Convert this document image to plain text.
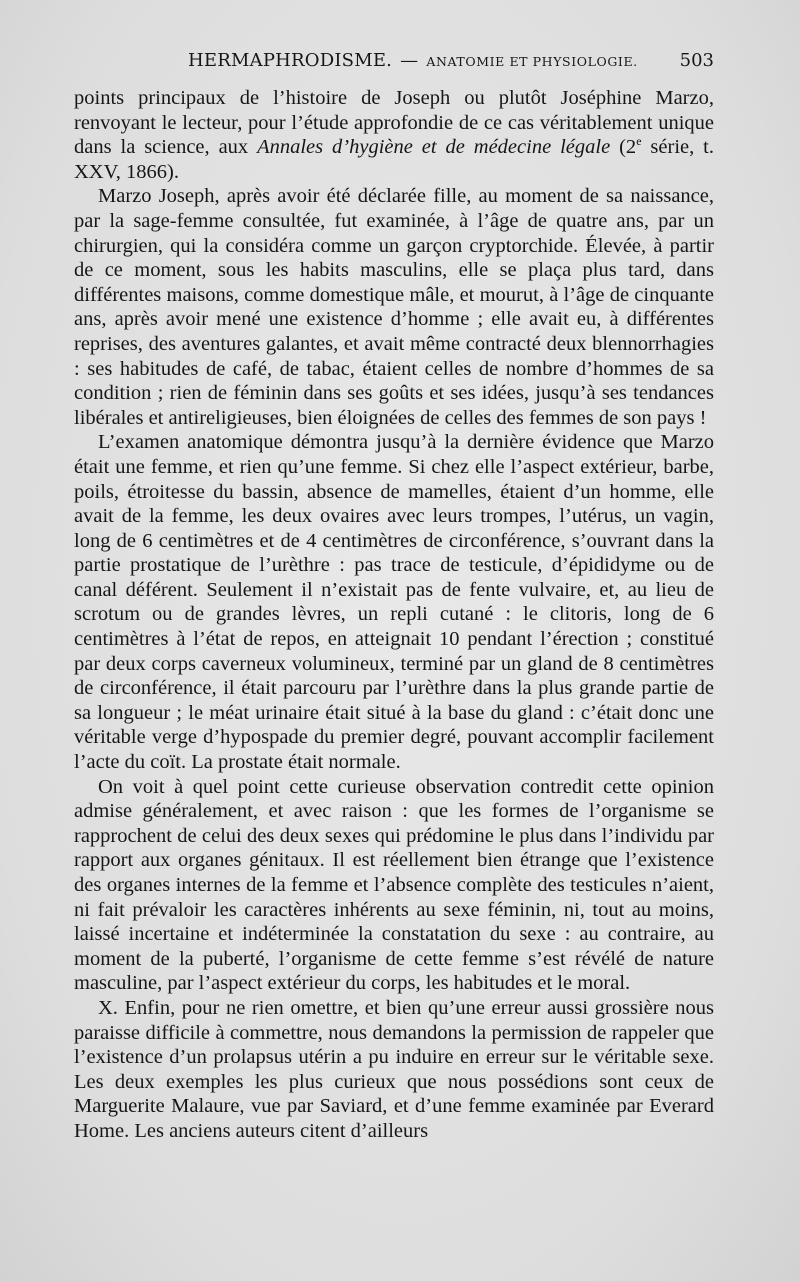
HERMAPHRODISME. — ANATOMIE ET PHYSIOLOGIE. 503

points principaux de l’histoire de Joseph ou plutôt Joséphine Marzo, renvoyant le lecteur, pour l’étude approfondie de ce cas véritablement unique dans la science, aux Annales d’hygiène et de médecine légale (2e série, t. XXV, 1866).

Marzo Joseph, après avoir été déclarée fille, au moment de sa naissance, par la sage-femme consultée, fut examinée, à l’âge de quatre ans, par un chirurgien, qui la considéra comme un garçon cryptorchide. Élevée, à partir de ce moment, sous les habits masculins, elle se plaça plus tard, dans différentes maisons, comme domestique mâle, et mourut, à l’âge de cinquante ans, après avoir mené une existence d’homme ; elle avait eu, à différentes reprises, des aventures galantes, et avait même contracté deux blennorrhagies : ses habitudes de café, de tabac, étaient celles de nombre d’hommes de sa condition ; rien de féminin dans ses goûts et ses idées, jusqu’à ses tendances libérales et antireligieuses, bien éloignées de celles des femmes de son pays !

L’examen anatomique démontra jusqu’à la dernière évidence que Marzo était une femme, et rien qu’une femme. Si chez elle l’aspect extérieur, barbe, poils, étroitesse du bassin, absence de mamelles, étaient d’un homme, elle avait de la femme, les deux ovaires avec leurs trompes, l’utérus, un vagin, long de 6 centimètres et de 4 centimètres de circonférence, s’ouvrant dans la partie prostatique de l’urèthre : pas trace de testicule, d’épididyme ou de canal déférent. Seulement il n’existait pas de fente vulvaire, et, au lieu de scrotum ou de grandes lèvres, un repli cutané : le clitoris, long de 6 centimètres à l’état de repos, en atteignait 10 pendant l’érection ; constitué par deux corps caverneux volumineux, terminé par un gland de 8 centimètres de circonférence, il était parcouru par l’urèthre dans la plus grande partie de sa longueur ; le méat urinaire était situé à la base du gland : c’était donc une véritable verge d’hypospade du premier degré, pouvant accomplir facilement l’acte du coït. La prostate était normale.

On voit à quel point cette curieuse observation contredit cette opinion admise généralement, et avec raison : que les formes de l’organisme se rapprochent de celui des deux sexes qui prédomine le plus dans l’individu par rapport aux organes génitaux. Il est réellement bien étrange que l’existence des organes internes de la femme et l’absence complète des testicules n’aient, ni fait prévaloir les caractères inhérents au sexe féminin, ni, tout au moins, laissé incertaine et indéterminée la constatation du sexe : au contraire, au moment de la puberté, l’organisme de cette femme s’est révélé de nature masculine, par l’aspect extérieur du corps, les habitudes et le moral.

X. Enfin, pour ne rien omettre, et bien qu’une erreur aussi grossière nous paraisse difficile à commettre, nous demandons la permission de rappeler que l’existence d’un prolapsus utérin a pu induire en erreur sur le véritable sexe. Les deux exemples les plus curieux que nous possédions sont ceux de Marguerite Malaure, vue par Saviard, et d’une femme examinée par Everard Home. Les anciens auteurs citent d’ailleurs
